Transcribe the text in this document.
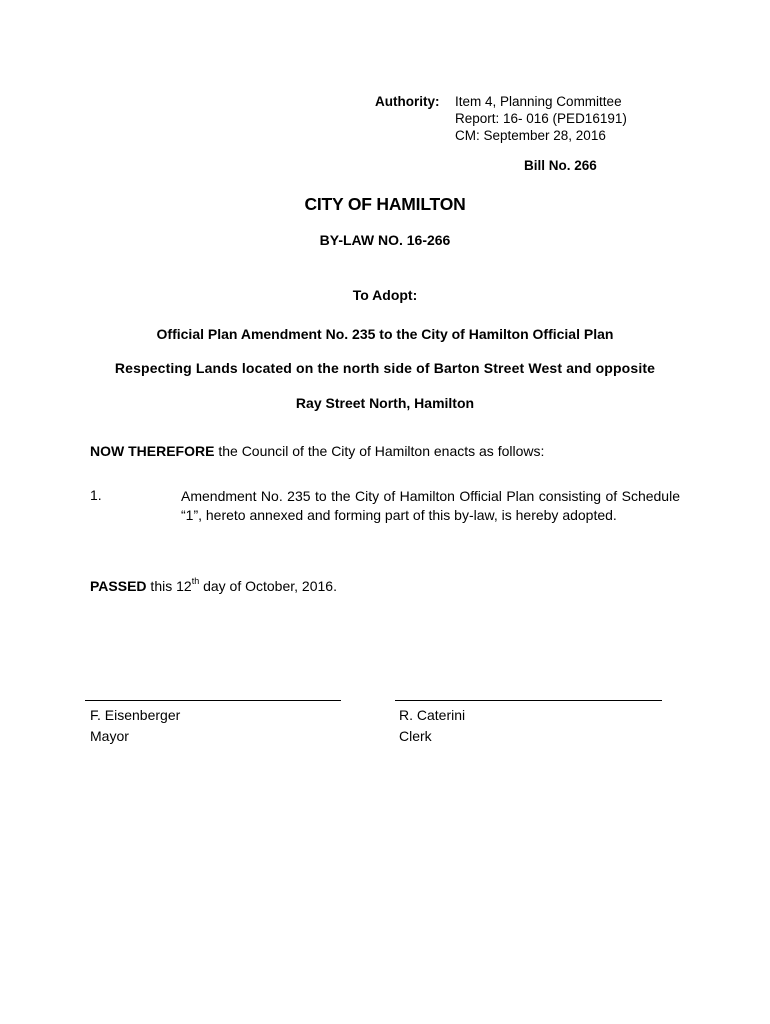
Authority: Item 4, Planning Committee
Report: 16- 016 (PED16191)
CM: September 28, 2016
Bill No. 266
CITY OF HAMILTON
BY-LAW NO. 16-266
To Adopt:
Official Plan Amendment No. 235 to the City of Hamilton Official Plan
Respecting Lands located on the north side of Barton Street West and opposite
Ray Street North, Hamilton
NOW THEREFORE the Council of the City of Hamilton enacts as follows:
1.	Amendment No. 235 to the City of Hamilton Official Plan consisting of Schedule “1”, hereto annexed and forming part of this by-law, is hereby adopted.
PASSED this 12th day of October, 2016.
F. Eisenberger
Mayor
R. Caterini
Clerk
